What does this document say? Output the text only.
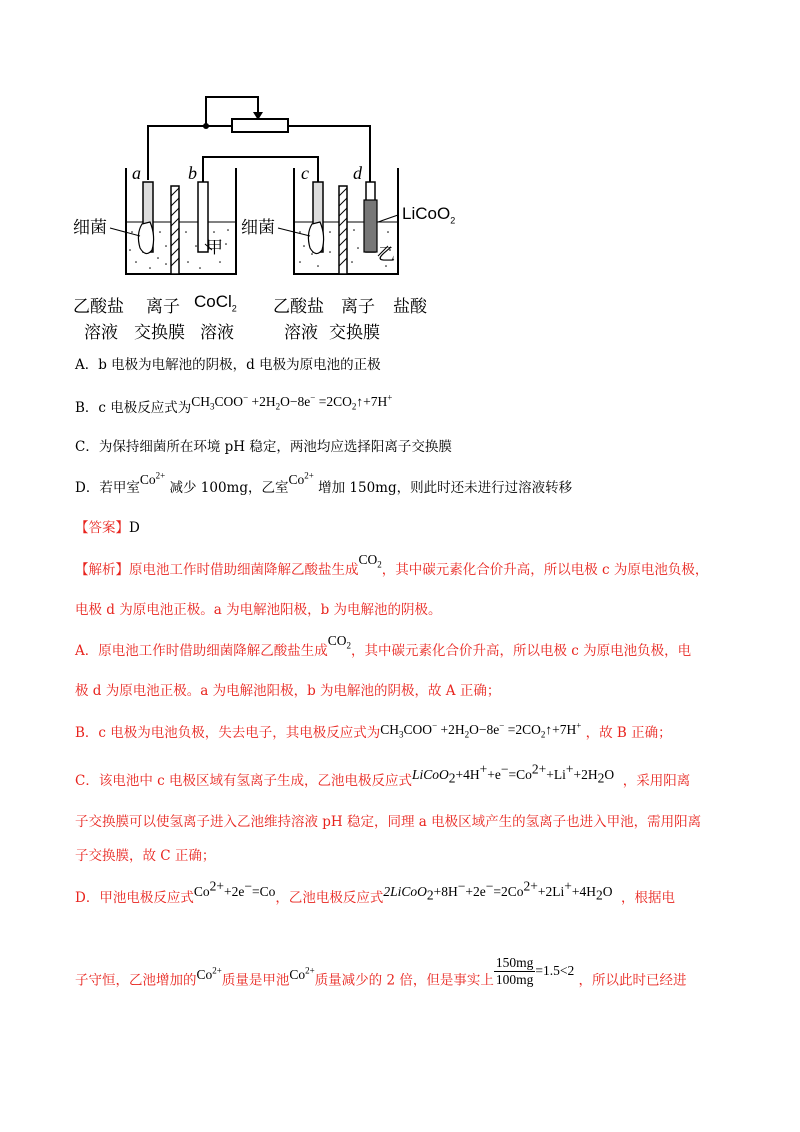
a	b	c d
细菌	细菌
甲	乙
LiCoO$_2$
乙酸盐
溶液
离子
交换膜
CoCl$_2$
溶液
乙酸盐
溶液
离子
交换膜
盐酸
A．b 电极为电解池的阴极，d 电极为原电池的正极
B．c 电极反应式为$CH_3COO^- +2H_2O-8e^-$ $=2CO_2↑+7H^+$
C．为保持细菌所在环境 pH 稳定，两池均应选择阳离子交换膜
D．若甲室$Co^{2+}$ 减少 100mg，乙室$Co^{2+}$ 增加 150mg，则此时还未进行过溶液转移
【答案】D
【解析】原电池工作时借助细菌降解乙酸盐生成$CO_2$，其中碳元素化合价升高，所以电极 c 为原电池负极，
电极 d 为原电池正极。a 为电解池阳极，b 为电解池的阴极。
A．原电池工作时借助细菌降解乙酸盐生成$CO_2$，其中碳元素化合价升高，所以电极 c 为原电池负极，电
极 d 为原电池正极。a 为电解池阳极，b 为电解池的阴极，故 A 正确；
B．c 电极为电池负极，失去电子，其电极反应式为$CH_3COO^- +2H_2O-8e^-$ $=2CO_2↑+7H^+$ ，故 B 正确；
C．该电池中 c 电极区域有氢离子生成，乙池电极反应式$LiCoO_2+4H^++e^-=Co^{2+}+Li^++2H_2O$ ，采用阳离
子交换膜可以使氢离子进入乙池维持溶液 pH 稳定，同理 a 电极区域产生的氢离子也进入甲池，需用阳离
子交换膜，故 C 正确；
D．甲池电极反应式$Co^{2+}+2e^-=Co$，乙池电极反应式$2LiCoO_2+8H^-+2e^-=2Co^{2+}+2Li^++4H_2O$ ，根据电
子守恒，乙池增加的$Co^{2+}$质量是甲池$Co^{2+}$质量减少的 2 倍，但是事实上 $\frac{150mg}{100mg} =1.5<2$ ，所以此时已经进
